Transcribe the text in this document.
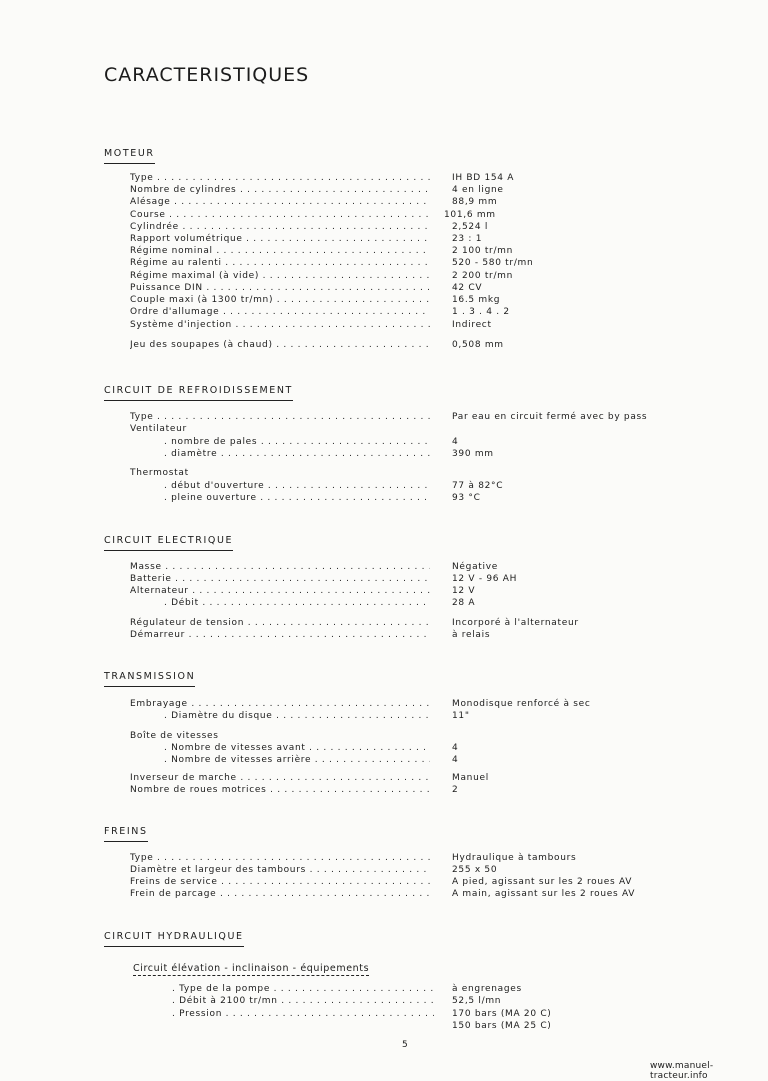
CARACTERISTIQUES
MOTEUR
Type . . .	IH BD 154 A
Nombre de cylindres . . .	4 en ligne
Alésage . . .	88,9 mm
Course . . .	101,6 mm
Cylindrée . . .	2,524 l
Rapport volumétrique . . .	23 : 1
Régime nominal . . .	2 100 tr/mn
Régime au ralenti . . .	520 - 580 tr/mn
Régime maximal (à vide) . . .	2 200 tr/mn
Puissance DIN . . .	42 CV
Couple maxi (à 1300 tr/mn) . . .	16.5 mkg
Ordre d'allumage . . .	1 . 3 . 4 . 2
Système d'injection . . .	Indirect
Jeu des soupapes (à chaud) . . .	0,508 mm
CIRCUIT DE REFROIDISSEMENT
Type . . .	Par eau en circuit fermé avec by pass
Ventilateur
. nombre de pales . . .	4
. diamètre . . .	390 mm
Thermostat
. début d'ouverture . . .	77 à 82°C
. pleine ouverture . . .	93 °C
CIRCUIT ELECTRIQUE
Masse . . .	Négative
Batterie . . .	12 V - 96 AH
Alternateur . . .	12 V
. Débit . . .	28 A
Régulateur de tension . . .	Incorporé à l'alternateur
Démarreur . . .	à relais
TRANSMISSION
Embrayage . . .	Monodisque renforcé à sec
. Diamètre du disque . . .	11"
Boîte de vitesses
. Nombre de vitesses avant . . .	4
. Nombre de vitesses arrière . . .	4
Inverseur de marche . . .	Manuel
Nombre de roues motrices . . .	2
FREINS
Type . . .	Hydraulique à tambours
Diamètre et largeur des tambours . . .	255 x 50
Freins de service . . .	A pied, agissant sur les 2 roues AV
Frein de parcage . . .	A main, agissant sur les 2 roues AV
CIRCUIT HYDRAULIQUE
Circuit élévation - inclinaison - équipements
. Type de la pompe . . .	à engrenages
. Débit à 2100 tr/mn . . .	52,5 l/mn
. Pression . . .	170 bars (MA 20 C)
150 bars (MA 25 C)
5
www.manuel-tracteur.info
